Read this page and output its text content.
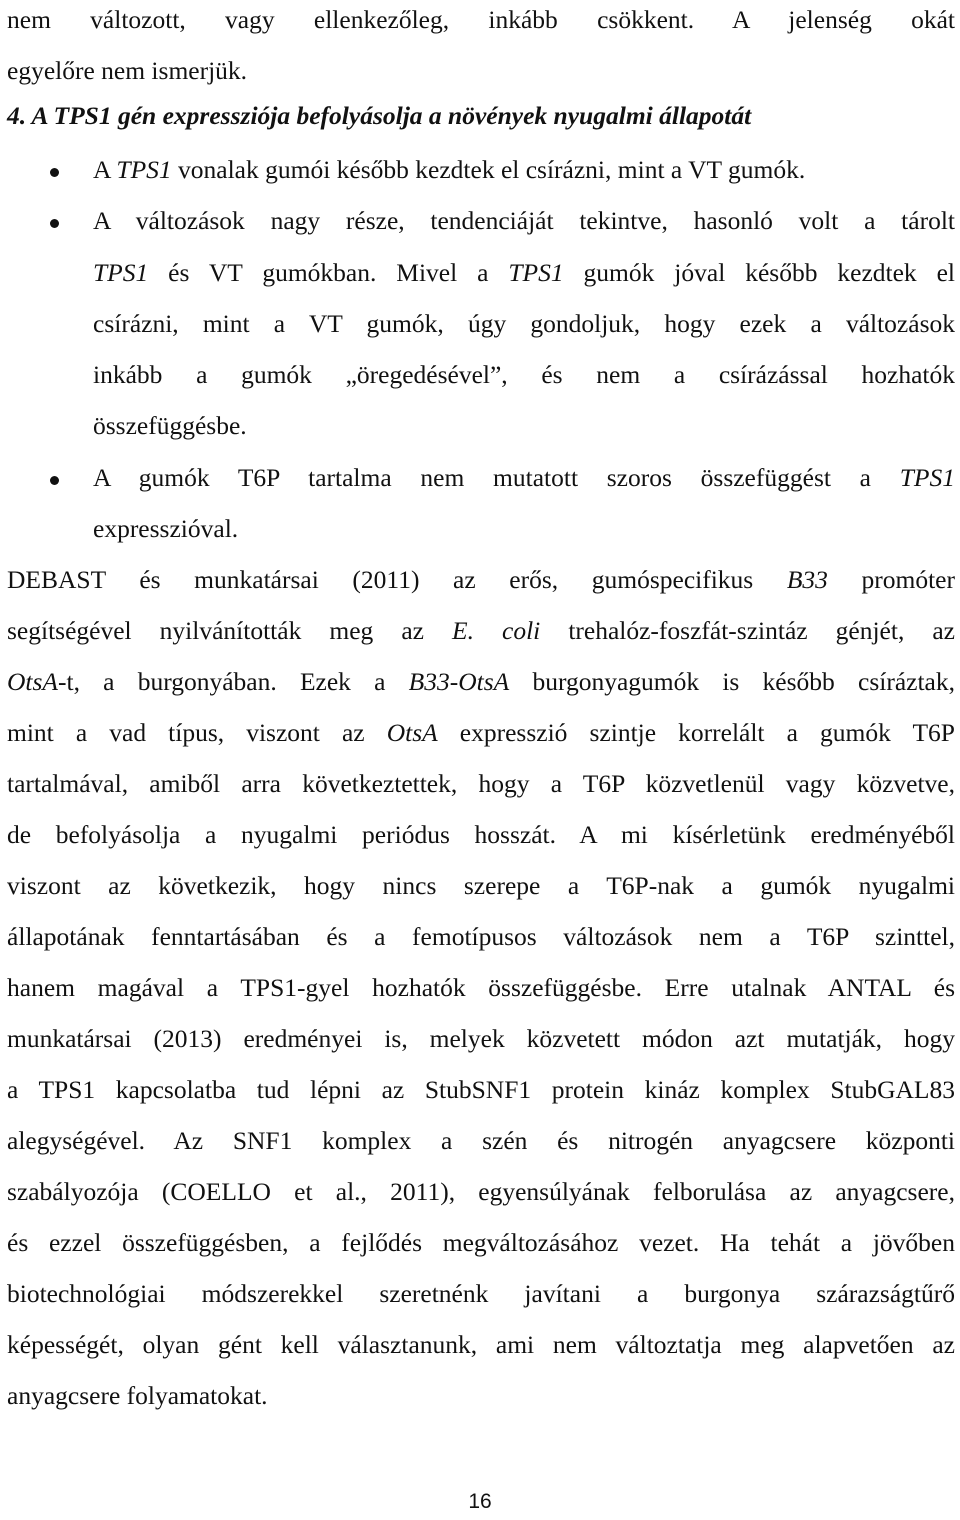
nem változott, vagy ellenkezőleg, inkább csökkent. A jelenség okát
egyelőre nem ismerjük.
4. A TPS1 gén expressziója befolyásolja a növények nyugalmi állapotát
A TPS1 vonalak gumói később kezdtek el csírázni, mint a VT gumók.
A változások nagy része, tendenciáját tekintve, hasonló volt a tárolt
TPS1 és VT gumókban. Mivel a TPS1 gumók jóval később kezdtek el
csírázni, mint a VT gumók, úgy gondoljuk, hogy ezek a változások
inkább a gumók „öregedésével”, és nem a csírázással hozhatók
összefüggésbe.
A gumók T6P tartalma nem mutatott szoros összefüggést a TPS1
expresszióval.
DEBAST és munkatársai (2011) az erős, gumóspecifikus B33 promóter
segítségével nyilvánították meg az E. coli trehalóz-foszfát-szintáz génjét, az
OtsA-t, a burgonyában. Ezek a B33-OtsA burgonyagumók is később csíráztak,
mint a vad típus, viszont az OtsA expresszió szintje korrelált a gumók T6P
tartalmával, amiből arra következtettek, hogy a T6P közvetlenül vagy közvetve,
de befolyásolja a nyugalmi periódus hosszát. A mi kísérletünk eredményéből
viszont az következik, hogy nincs szerepe a T6P-nak a gumók nyugalmi
állapotának fenntartásában és a femotípusos változások nem a T6P szinttel,
hanem magával a TPS1-gyel hozhatók összefüggésbe. Erre utalnak ANTAL és
munkatársai (2013) eredményei is, melyek közvetett módon azt mutatják, hogy
a TPS1 kapcsolatba tud lépni az StubSNF1 protein kináz komplex StubGAL83
alegységével. Az SNF1 komplex a szén és nitrogén anyagcsere központi
szabályozója (COELLO et al., 2011), egyensúlyának felborulása az anyagcsere,
és ezzel összefüggésben, a fejlődés megváltozásához vezet. Ha tehát a jövőben
biotechnológiai módszerekkel szeretnénk javítani a burgonya szárazságtűrő
képességét, olyan gént kell választanunk, ami nem változtatja meg alapvetően az
anyagcsere folyamatokat.
16
